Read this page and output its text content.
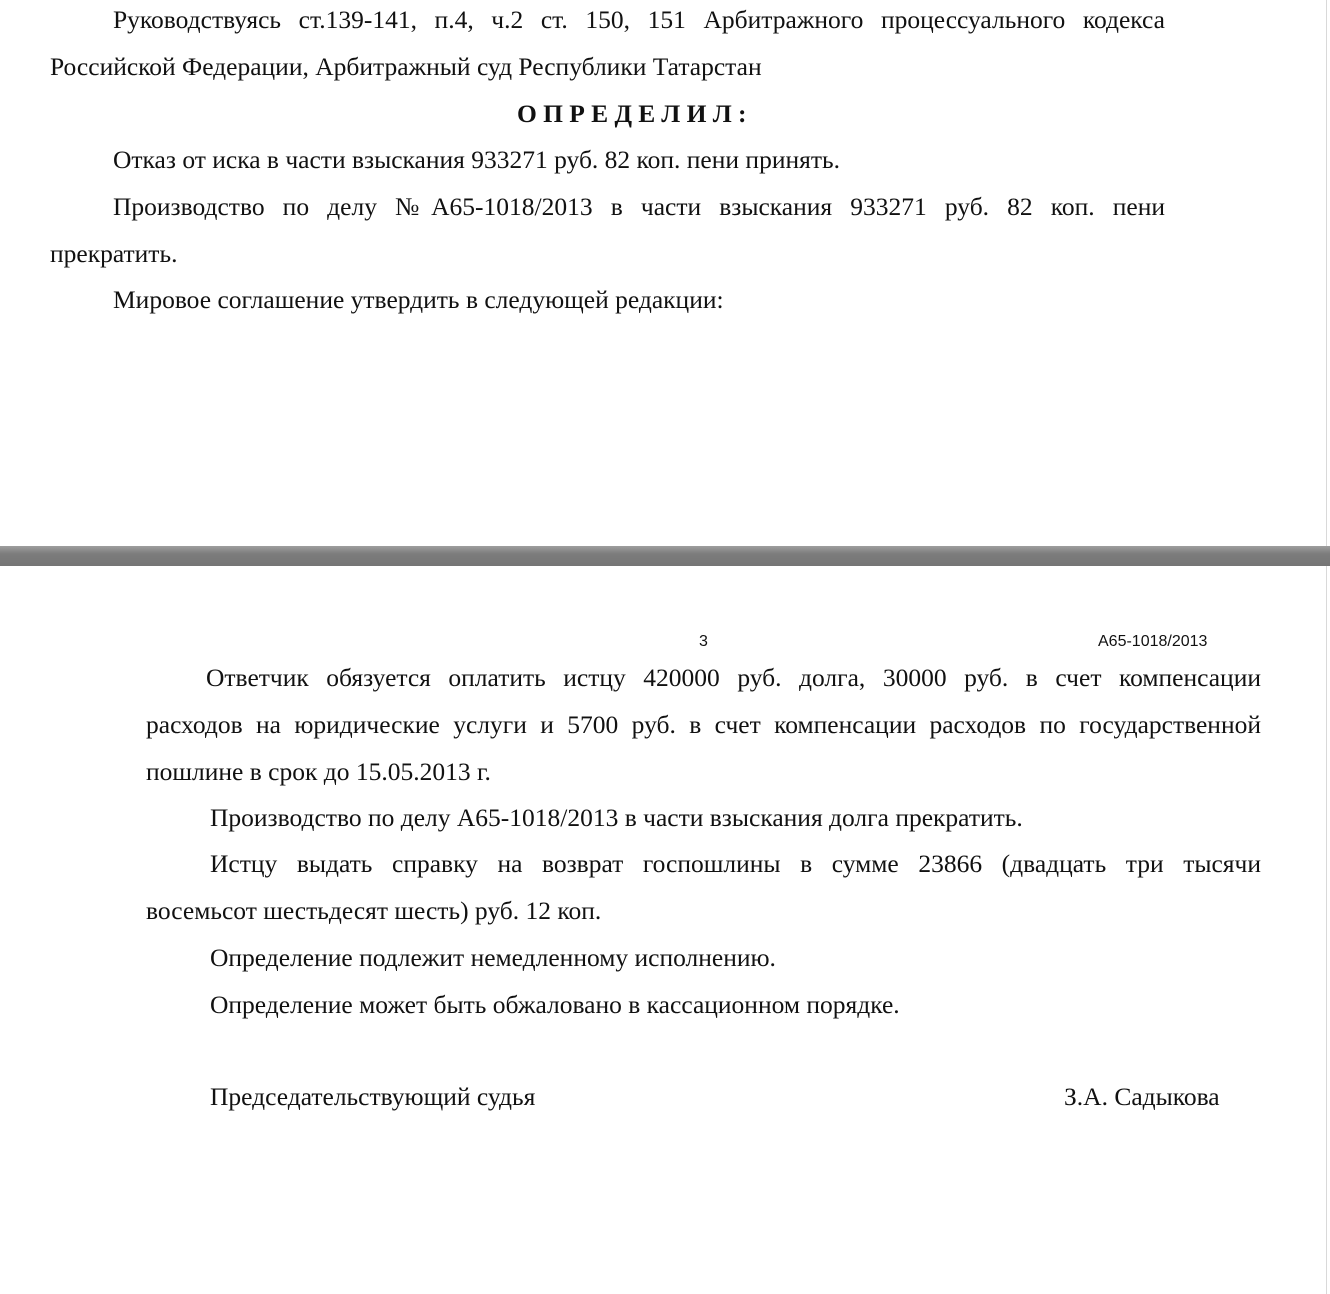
Руководствуясь ст.139-141, п.4, ч.2 ст. 150, 151 Арбитражного процессуального кодекса
Российской Федерации, Арбитражный суд Республики Татарстан
ОПРЕДЕЛИЛ:
Отказ от иска в части взыскания 933271 руб. 82 коп. пени принять.
Производство по делу №А65-1018/2013 в части взыскания 933271 руб. 82 коп. пени
прекратить.
Мировое соглашение утвердить в следующей редакции:
3	А65-1018/2013
Ответчик обязуется оплатить истцу 420000 руб. долга, 30000 руб. в счет компенсации
расходов на юридические услуги и 5700 руб. в счет компенсации расходов по государственной
пошлине в срок до 15.05.2013 г.
Производство по делу А65-1018/2013 в части взыскания долга прекратить.
Истцу выдать справку на возврат госпошлины в сумме 23866 (двадцать три тысячи
восемьсот шестьдесят шесть) руб. 12 коп.
Определение подлежит немедленному исполнению.
Определение может быть обжаловано в кассационном порядке.
Председательствующий судья	З.А. Садыкова
